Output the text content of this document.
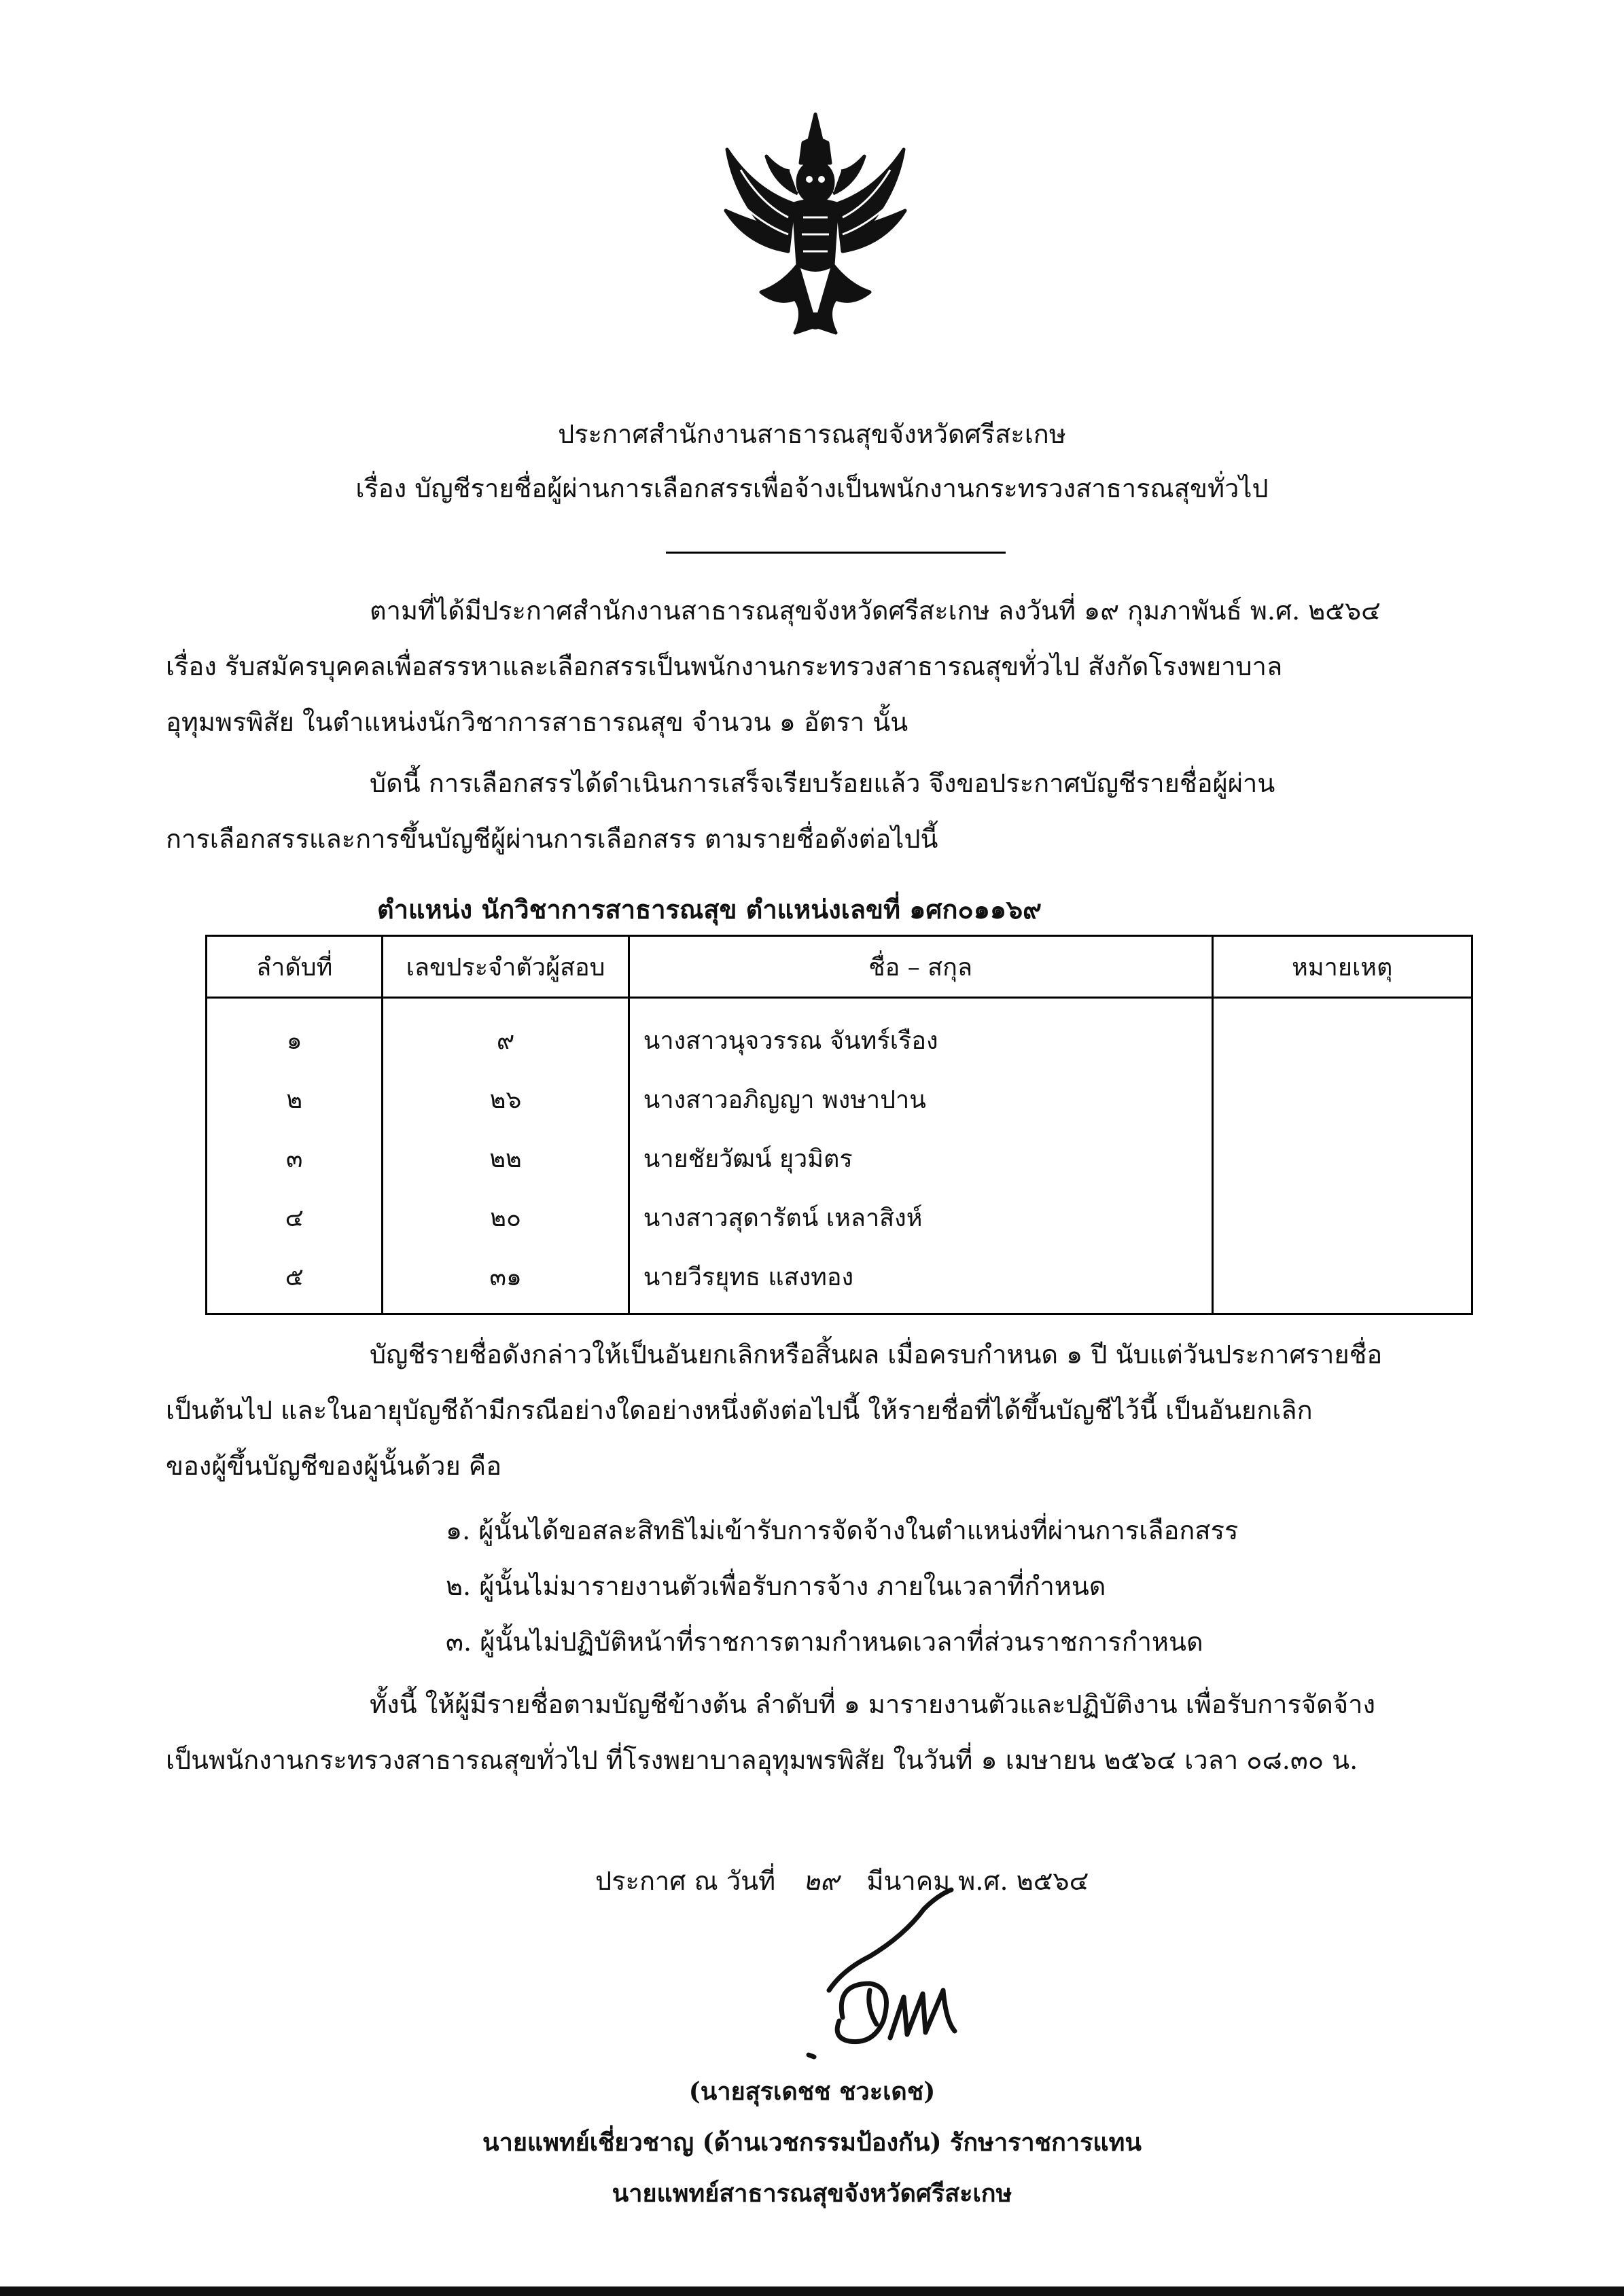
ประกาศสำนักงานสาธารณสุขจังหวัดศรีสะเกษ
เรื่อง บัญชีรายชื่อผู้ผ่านการเลือกสรรเพื่อจ้างเป็นพนักงานกระทรวงสาธารณสุขทั่วไป
ตามที่ได้มีประกาศสำนักงานสาธารณสุขจังหวัดศรีสะเกษ ลงวันที่ ๑๙ กุมภาพันธ์ พ.ศ. ๒๕๖๔
เรื่อง รับสมัครบุคคลเพื่อสรรหาและเลือกสรรเป็นพนักงานกระทรวงสาธารณสุขทั่วไป สังกัดโรงพยาบาล
อุทุมพรพิสัย ในตำแหน่งนักวิชาการสาธารณสุข จำนวน ๑ อัตรา นั้น
บัดนี้ การเลือกสรรได้ดำเนินการเสร็จเรียบร้อยแล้ว จึงขอประกาศบัญชีรายชื่อผู้ผ่าน
การเลือกสรรและการขึ้นบัญชีผู้ผ่านการเลือกสรร ตามรายชื่อดังต่อไปนี้
ตำแหน่ง นักวิชาการสาธารณสุข ตำแหน่งเลขที่ ๑ศก๐๑๑๖๙
ลำดับที่	เลขประจำตัวผู้สอบ	ชื่อ – สกุล	หมายเหตุ
๑	๙	นางสาวนุจวรรณ จันทร์เรือง	
๒	๒๖	นางสาวอภิญญา พงษาปาน	
๓	๒๒	นายชัยวัฒน์ ยุวมิตร	
๔	๒๐	นางสาวสุดารัตน์ เหลาสิงห์	
๕	๓๑	นายวีรยุทธ แสงทอง	
บัญชีรายชื่อดังกล่าวให้เป็นอันยกเลิกหรือสิ้นผล เมื่อครบกำหนด ๑ ปี นับแต่วันประกาศรายชื่อ
เป็นต้นไป และในอายุบัญชีถ้ามีกรณีอย่างใดอย่างหนึ่งดังต่อไปนี้ ให้รายชื่อที่ได้ขึ้นบัญชีไว้นี้ เป็นอันยกเลิก
ของผู้ขึ้นบัญชีของผู้นั้นด้วย คือ
๑. ผู้นั้นได้ขอสละสิทธิไม่เข้ารับการจัดจ้างในตำแหน่งที่ผ่านการเลือกสรร
๒. ผู้นั้นไม่มารายงานตัวเพื่อรับการจ้าง ภายในเวลาที่กำหนด
๓. ผู้นั้นไม่ปฏิบัติหน้าที่ราชการตามกำหนดเวลาที่ส่วนราชการกำหนด
ทั้งนี้ ให้ผู้มีรายชื่อตามบัญชีข้างต้น ลำดับที่ ๑ มารายงานตัวและปฏิบัติงาน เพื่อรับการจัดจ้าง
เป็นพนักงานกระทรวงสาธารณสุขทั่วไป ที่โรงพยาบาลอุทุมพรพิสัย ในวันที่ ๑ เมษายน ๒๕๖๔ เวลา ๐๘.๓๐ น.
ประกาศ ณ วันที่ ๒๙ มีนาคม พ.ศ. ๒๕๖๔
(นายสุรเดชช ชวะเดช)
นายแพทย์เชี่ยวชาญ (ด้านเวชกรรมป้องกัน) รักษาราชการแทน
นายแพทย์สาธารณสุขจังหวัดศรีสะเกษ
